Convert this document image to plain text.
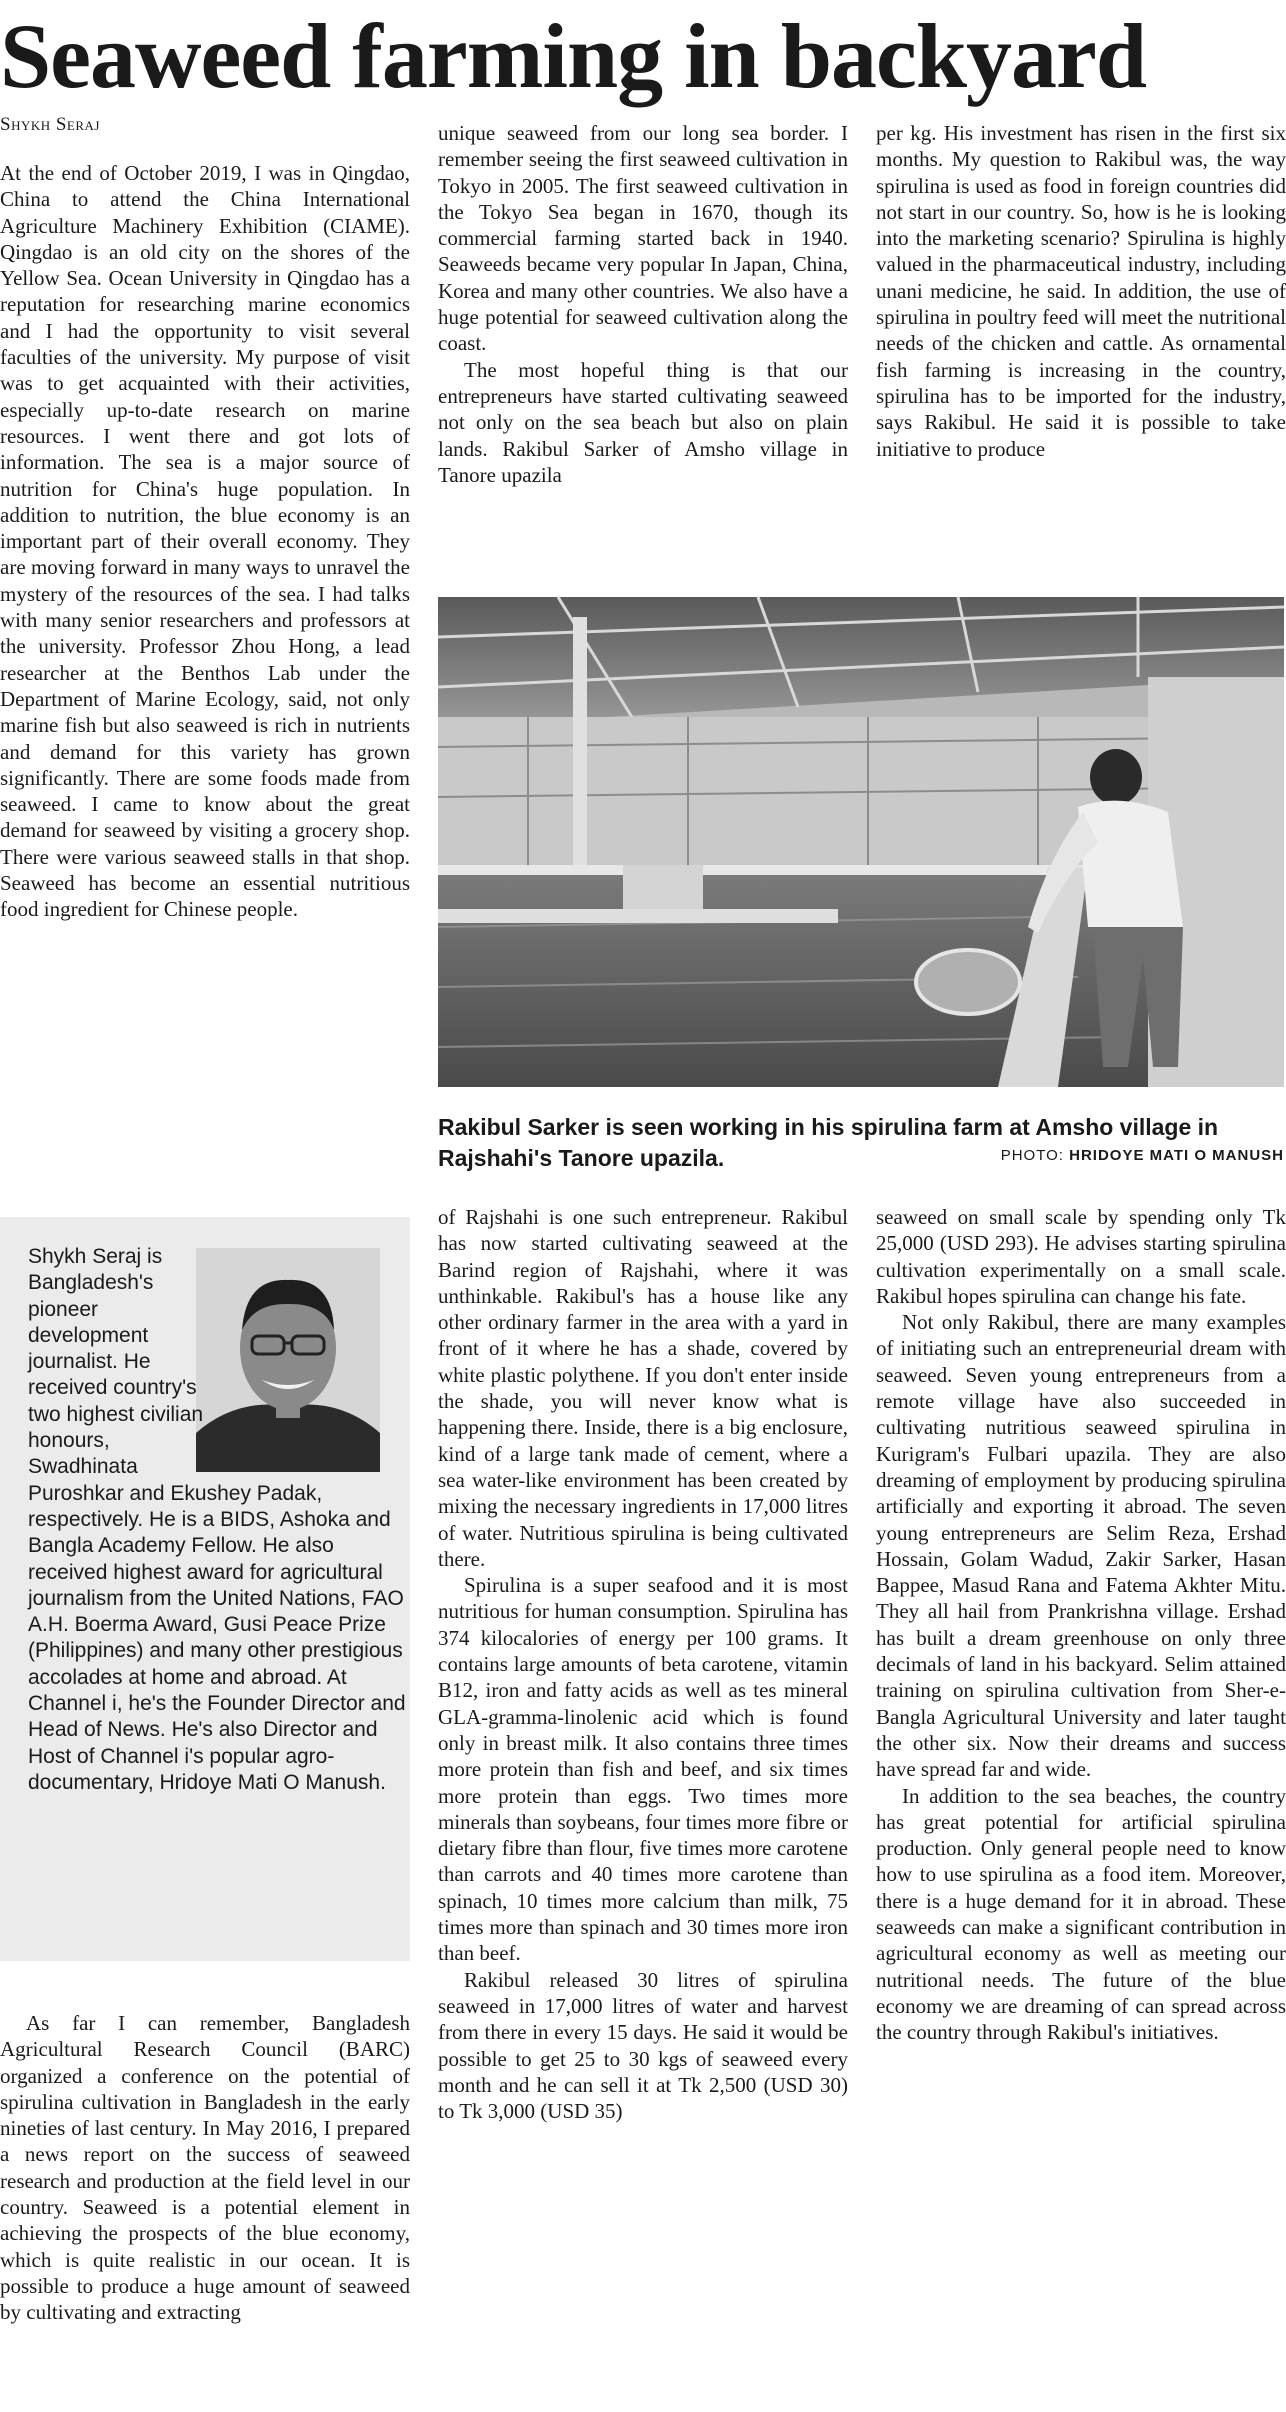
Seaweed farming in backyard
Shykh Seraj

At the end of October 2019, I was in Qingdao, China to attend the China International Agriculture Machinery Exhibition (CIAME). Qingdao is an old city on the shores of the Yellow Sea. Ocean University in Qingdao has a reputation for researching marine economics and I had the opportunity to visit several faculties of the university. My purpose of visit was to get acquainted with their activities, especially up-to-date research on marine resources. I went there and got lots of information. The sea is a major source of nutrition for China's huge population. In addition to nutrition, the blue economy is an important part of their overall economy. They are moving forward in many ways to unravel the mystery of the resources of the sea. I had talks with many senior researchers and professors at the university. Professor Zhou Hong, a lead researcher at the Benthos Lab under the Department of Marine Ecology, said, not only marine fish but also seaweed is rich in nutrients and demand for this variety has grown significantly. There are some foods made from seaweed. I came to know about the great demand for seaweed by visiting a grocery shop. There were various seaweed stalls in that shop. Seaweed has become an essential nutritious food ingredient for Chinese people.

Shykh Seraj is Bangladesh's pioneer development journalist. He received country's two highest civilian honours, Swadhinata Puroshkar and Ekushey Padak, respectively. He is a BIDS, Ashoka and Bangla Academy Fellow. He also received highest award for agricultural journalism from the United Nations, FAO A.H. Boerma Award, Gusi Peace Prize (Philippines) and many other prestigious accolades at home and abroad. At Channel i, he's the Founder Director and Head of News. He's also Director and Host of Channel i's popular agro-documentary, Hridoye Mati O Manush.

As far I can remember, Bangladesh Agricultural Research Council (BARC) organized a conference on the potential of spirulina cultivation in Bangladesh in the early nineties of last century. In May 2016, I prepared a news report on the success of seaweed research and production at the field level in our country. Seaweed is a potential element in achieving the prospects of the blue economy, which is quite realistic in our ocean. It is possible to produce a huge amount of seaweed by cultivating and extracting

unique seaweed from our long sea border. I remember seeing the first seaweed cultivation in Tokyo in 2005. The first seaweed cultivation in the Tokyo Sea began in 1670, though its commercial farming started back in 1940. Seaweeds became very popular In Japan, China, Korea and many other countries. We also have a huge potential for seaweed cultivation along the coast.

The most hopeful thing is that our entrepreneurs have started cultivating seaweed not only on the sea beach but also on plain lands. Rakibul Sarker of Amsho village in Tanore upazila

per kg. His investment has risen in the first six months. My question to Rakibul was, the way spirulina is used as food in foreign countries did not start in our country. So, how is he is looking into the marketing scenario? Spirulina is highly valued in the pharmaceutical industry, including unani medicine, he said. In addition, the use of spirulina in poultry feed will meet the nutritional needs of the chicken and cattle. As ornamental fish farming is increasing in the country, spirulina has to be imported for the industry, says Rakibul. He said it is possible to take initiative to produce

Rakibul Sarker is seen working in his spirulina farm at Amsho village in Rajshahi's Tanore upazila.	PHOTO: HRIDOYE MATI O MANUSH

of Rajshahi is one such entrepreneur. Rakibul has now started cultivating seaweed at the Barind region of Rajshahi, where it was unthinkable. Rakibul's has a house like any other ordinary farmer in the area with a yard in front of it where he has a shade, covered by white plastic polythene. If you don't enter inside the shade, you will never know what is happening there. Inside, there is a big enclosure, kind of a large tank made of cement, where a sea water-like environment has been created by mixing the necessary ingredients in 17,000 litres of water. Nutritious spirulina is being cultivated there.

Spirulina is a super seafood and it is most nutritious for human consumption. Spirulina has 374 kilocalories of energy per 100 grams. It contains large amounts of beta carotene, vitamin B12, iron and fatty acids as well as tes mineral GLA-gramma-linolenic acid which is found only in breast milk. It also contains three times more protein than fish and beef, and six times more protein than eggs. Two times more minerals than soybeans, four times more fibre or dietary fibre than flour, five times more carotene than carrots and 40 times more carotene than spinach, 10 times more calcium than milk, 75 times more than spinach and 30 times more iron than beef.

Rakibul released 30 litres of spirulina seaweed in 17,000 litres of water and harvest from there in every 15 days. He said it would be possible to get 25 to 30 kgs of seaweed every month and he can sell it at Tk 2,500 (USD 30) to Tk 3,000 (USD 35)

seaweed on small scale by spending only Tk 25,000 (USD 293). He advises starting spirulina cultivation experimentally on a small scale. Rakibul hopes spirulina can change his fate.

Not only Rakibul, there are many examples of initiating such an entrepreneurial dream with seaweed. Seven young entrepreneurs from a remote village have also succeeded in cultivating nutritious seaweed spirulina in Kurigram's Fulbari upazila. They are also dreaming of employment by producing spirulina artificially and exporting it abroad. The seven young entrepreneurs are Selim Reza, Ershad Hossain, Golam Wadud, Zakir Sarker, Hasan Bappee, Masud Rana and Fatema Akhter Mitu. They all hail from Prankrishna village. Ershad has built a dream greenhouse on only three decimals of land in his backyard. Selim attained training on spirulina cultivation from Sher-e-Bangla Agricultural University and later taught the other six. Now their dreams and success have spread far and wide.

In addition to the sea beaches, the country has great potential for artificial spirulina production. Only general people need to know how to use spirulina as a food item. Moreover, there is a huge demand for it in abroad. These seaweeds can make a significant contribution in agricultural economy as well as meeting our nutritional needs. The future of the blue economy we are dreaming of can spread across the country through Rakibul's initiatives.
